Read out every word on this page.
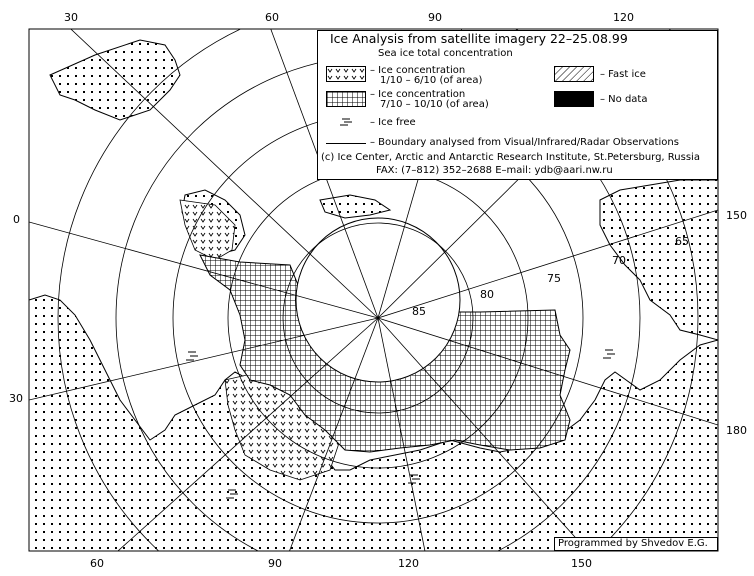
85
80
75
70
65
30	60	90	120
0
30
150
180
60	90	120	150
Ice Analysis from satellite imagery 22–25.08.99
Sea ice total concentration
– Ice concentration
1/10 – 6/10 (of area)
– Ice concentration
7/10 – 10/10 (of area)
– Ice free
– Fast ice
– No data
– Boundary analysed from Visual/Infrared/Radar Observations
(c) Ice Center, Arctic and Antarctic Research Institute, St.Petersburg, Russia
FAX: (7–812) 352–2688 E–mail: ydb@aari.nw.ru
Programmed by Shvedov E.G.
